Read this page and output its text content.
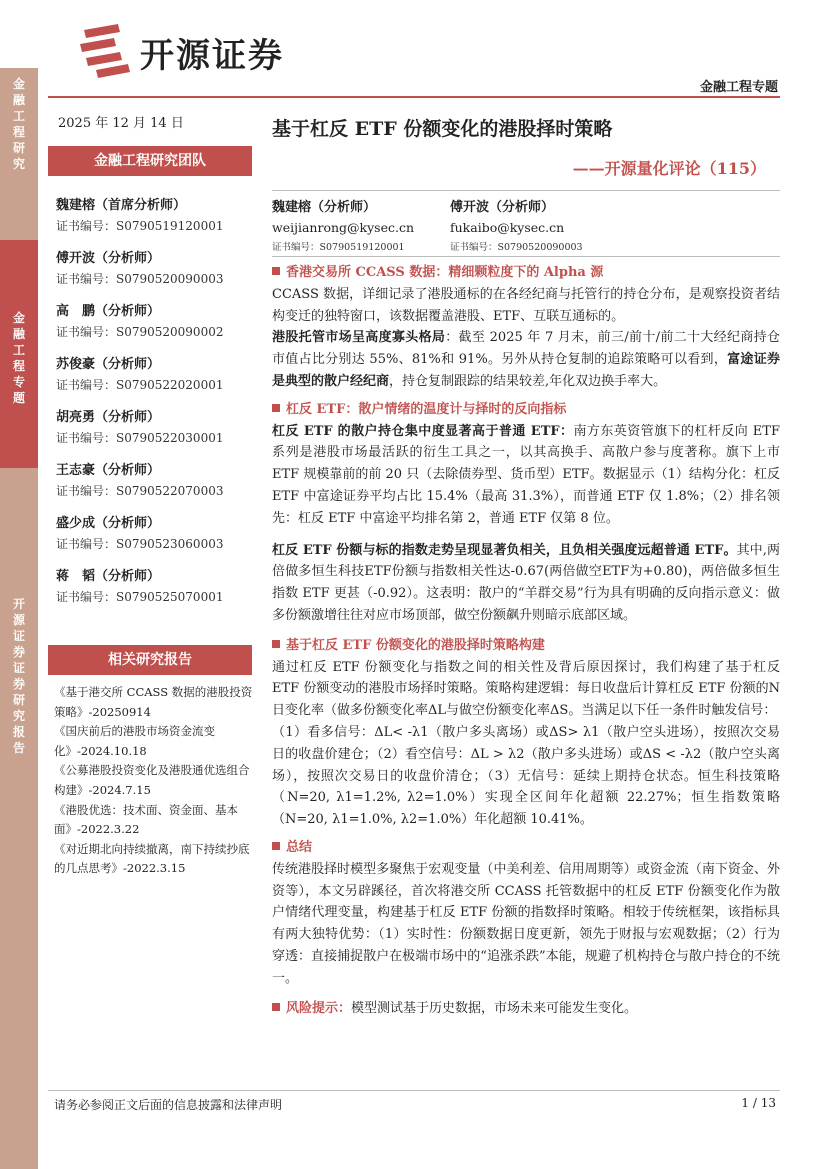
金融工程研究
金融工程专题
开源证券 证券研究报告
开源证券
金融工程专题
2025 年 12 月 14 日	基于杠反 ETF 份额变化的港股择时策略
——开源量化评论（115）
金融工程研究团队
魏建榕（首席分析师）
证书编号：S0790519120001
傅开波（分析师）
证书编号：S0790520090003
高　鹏（分析师）
证书编号：S0790520090002
苏俊豪（分析师）
证书编号：S0790522020001
胡亮勇（分析师）
证书编号：S0790522030001
王志豪（分析师）
证书编号：S0790522070003
盛少成（分析师）
证书编号：S0790523060003
蒋　韬（分析师）
证书编号：S0790525070001
相关研究报告
《基于港交所 CCASS 数据的港股投资策略》-20250914
《国庆前后的港股市场资金流变化》-2024.10.18
《公募港股投资变化及港股通优选组合构建》-2024.7.15
《港股优选：技术面、资金面、基本面》-2022.3.22
《对近期北向持续撤离，南下持续抄底的几点思考》-2022.3.15
魏建榕（分析师）
weijianrong@kysec.cn
证书编号：S0790519120001
傅开波（分析师）
fukaibo@kysec.cn
证书编号：S0790520090003

香港交易所 CCASS 数据：精细颗粒度下的 Alpha 源

CCASS 数据，详细记录了港股通标的在各经纪商与托管行的持仓分布，是观察投资者结构变迁的独特窗口，该数据覆盖港股、ETF、互联互通标的。

港股托管市场呈高度寡头格局：截至 2025 年 7 月末，前三/前十/前二十大经纪商持仓市值占比分别达 55%、81%和 91%。另外从持仓复制的追踪策略可以看到，富途证券是典型的散户经纪商，持仓复制跟踪的结果较差,年化双边换手率大。

杠反 ETF：散户情绪的温度计与择时的反向指标

杠反 ETF 的散户持仓集中度显著高于普通 ETF：南方东英资管旗下的杠杆反向 ETF 系列是港股市场最活跃的衍生工具之一，以其高换手、高散户参与度著称。旗下上市 ETF 规模靠前的前 20 只（去除债券型、货币型）ETF。数据显示（1）结构分化：杠反 ETF 中富途证券平均占比 15.4%（最高 31.3%），而普通 ETF 仅 1.8%；（2）排名领先：杠反 ETF 中富途平均排名第 2，普通 ETF 仅第 8 位。

杠反 ETF 份额与标的指数走势呈现显著负相关，且负相关强度远超普通 ETF。其中,两倍做多恒生科技ETF份额与指数相关性达-0.67(两倍做空ETF为+0.80)，两倍做多恒生指数 ETF 更甚（-0.92）。这表明：散户的“羊群交易”行为具有明确的反向指示意义：做多份额激增往往对应市场顶部，做空份额飙升则暗示底部区域。

基于杠反 ETF 份额变化的港股择时策略构建

通过杠反 ETF 份额变化与指数之间的相关性及背后原因探讨，我们构建了基于杠反 ETF 份额变动的港股市场择时策略。策略构建逻辑：每日收盘后计算杠反 ETF 份额的N日变化率（做多份额变化率ΔL与做空份额变化率ΔS。当满足以下任一条件时触发信号：

（1）看多信号：ΔL< -λ1（散户多头离场）或ΔS> λ1（散户空头进场），按照次交易日的收盘价建仓；（2）看空信号：ΔL > λ2（散户多头进场）或ΔS < -λ2（散户空头离场），按照次交易日的收盘价清仓；（3）无信号：延续上期持仓状态。恒生科技策略（N=20, λ1=1.2%, λ2=1.0%）实现全区间年化超额 22.27%；恒生指数策略（N=20, λ1=1.0%, λ2=1.0%）年化超额 10.41%。

总结

传统港股择时模型多聚焦于宏观变量（中美利差、信用周期等）或资金流（南下资金、外资等），本文另辟蹊径，首次将港交所 CCASS 托管数据中的杠反 ETF 份额变化作为散户情绪代理变量，构建基于杠反 ETF 份额的指数择时策略。相较于传统框架，该指标具有两大独特优势：（1）实时性：份额数据日度更新，领先于财报与宏观数据；（2）行为穿透：直接捕捉散户在极端市场中的“追涨杀跌”本能，规避了机构持仓与散户持仓的不统一。

风险提示：模型测试基于历史数据，市场未来可能发生变化。

请务必参阅正文后面的信息披露和法律声明	1 / 13
